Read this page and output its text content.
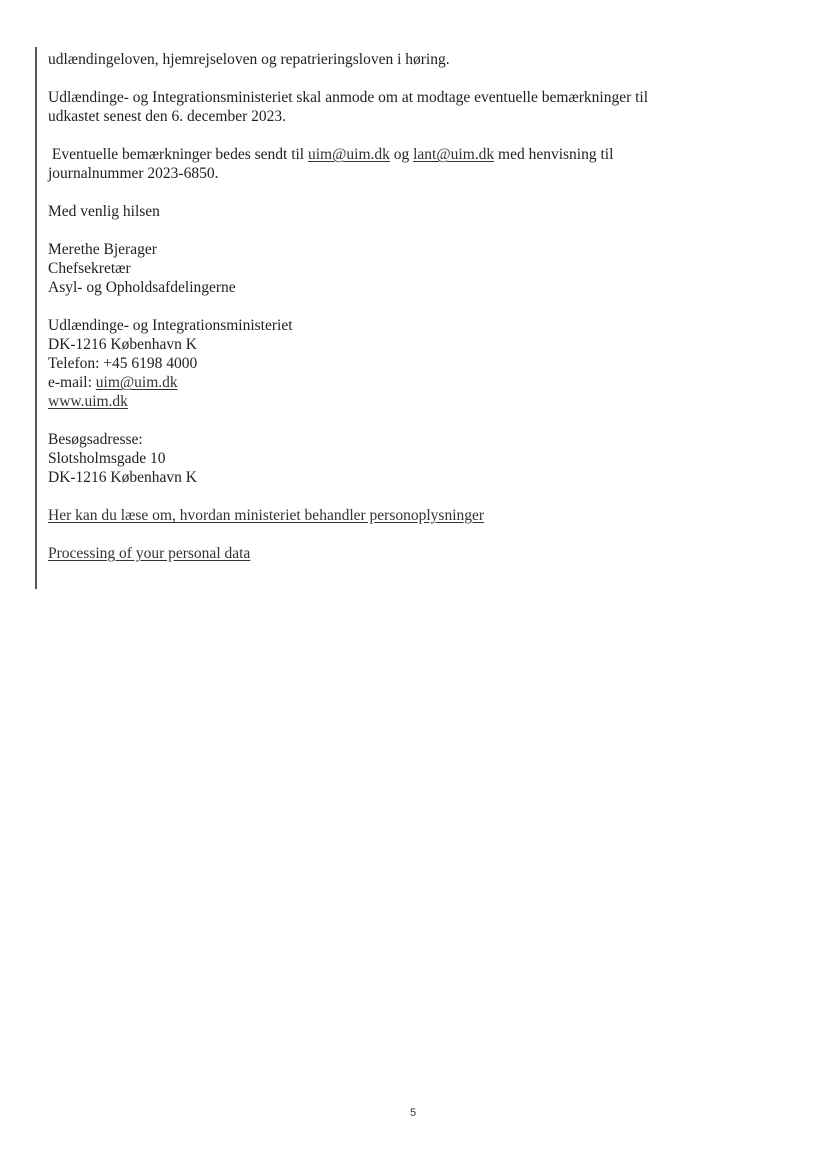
udlændingeloven, hjemrejseloven og repatrieringsloven i høring.

Udlændinge- og Integrationsministeriet skal anmode om at modtage eventuelle bemærkninger til
udkastet senest den 6. december 2023.

Eventuelle bemærkninger bedes sendt til uim@uim.dk og lant@uim.dk med henvisning til
journalnummer 2023-6850.

Med venlig hilsen

Merethe Bjerager
Chefsekretær
Asyl- og Opholdsafdelingerne

Udlændinge- og Integrationsministeriet
DK-1216 København K
Telefon: +45 6198 4000
e-mail: uim@uim.dk
www.uim.dk

Besøgsadresse:
Slotsholmsgade 10
DK-1216 København K

Her kan du læse om, hvordan ministeriet behandler personoplysninger

Processing of your personal data

5
